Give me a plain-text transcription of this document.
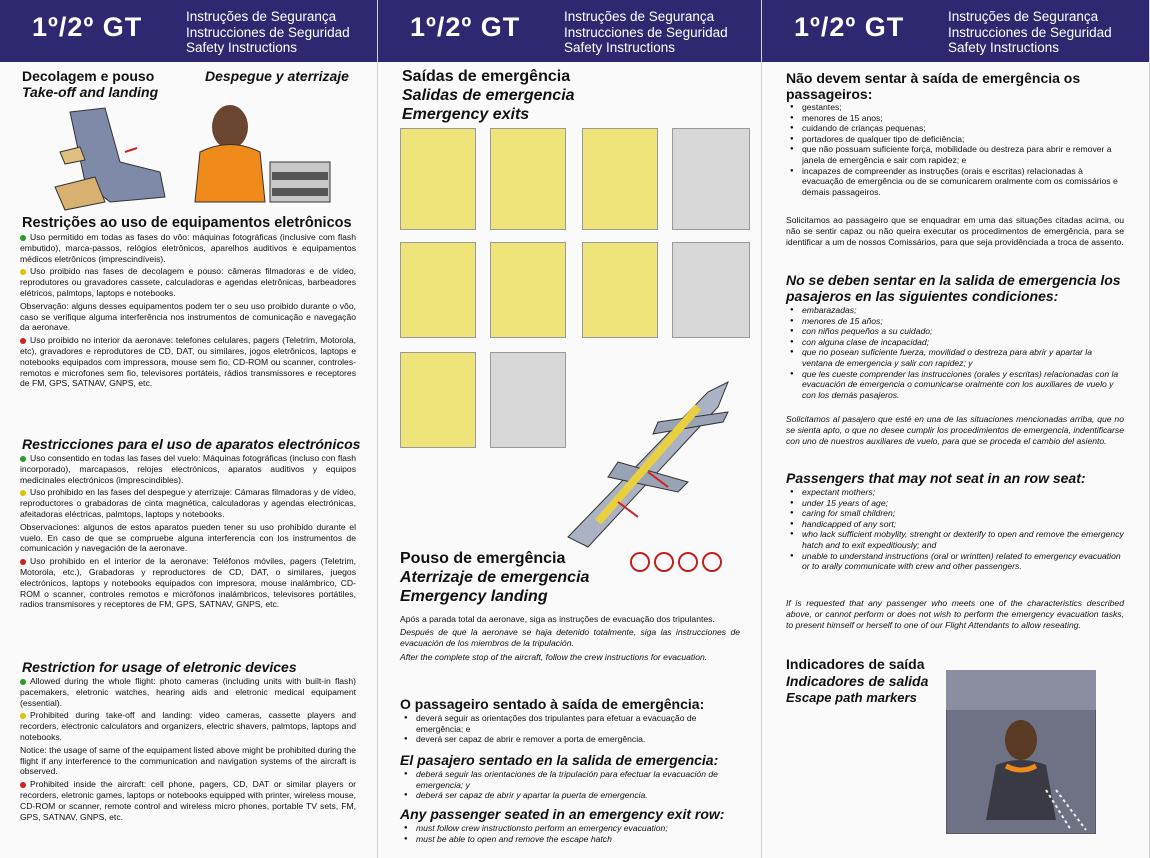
1º/2º GT	Instruções de Segurança
Instrucciones de Seguridad
Safety Instructions
Decolagem e pouso	Despegue y aterrizaje
Take-off and landing
Restrições ao uso de equipamentos eletrônicos

Uso permitido em todas as fases do vôo: máquinas fotográficas (inclusive com flash embutido), marca-passos, relógios eletrônicos, aparelhos auditivos e equipamentos médicos eletrônicos (imprescindíveis).

Uso proibido nas fases de decolagem e pouso: câmeras filmadoras e de vídeo, reprodutores ou gravadores cassete, calculadoras e agendas eletrônicas, barbeadores elétricos, palmtops, laptops e notebooks.

Observação: alguns desses equipamentos podem ter o seu uso proibido durante o vôo, caso se verifique alguma interferência nos instrumentos de comunicação e navegação da aeronave.

Uso proibido no interior da aeronave: telefones celulares, pagers (Teletrim, Motorola, etc), gravadores e reprodutores de CD, DAT, ou similares, jogos eletrônicos, laptops e notebooks equipados com impressora, mouse sem fio, CD-ROM ou scanner, controles-remotos e microfones sem fio, televisores portáteis, rádios transmissores e receptores de FM, GPS, SATNAV, GNPS, etc.

Restricciones para el uso de aparatos electrónicos

Uso consentido en todas las fases del vuelo: Máquinas fotográficas (incluso con flash incorporado), marcapasos, relojes electrónicos, aparatos auditivos y equipos medicinales electrónicos (imprescindibles).

Uso prohibido en las fases del despegue y aterrizaje: Cámaras filmadoras y de vídeo, reproductores o grabadoras de cinta magnética, calculadoras y agendas electrónicas, afeitadoras eléctricas, palmtops, laptops y notebooks.

Observaciones: algunos de estos aparatos pueden tener su uso prohibido durante el vuelo. En caso de que se compruebe alguna interferencia con los instrumentos de comunicación y navegación de la aeronave.

Uso prohibido en el interior de la aeronave: Teléfonos móviles, pagers (Teletrim, Motorola, etc.), Grabadoras y reproductores de CD, DAT, o similares, juegos electrónicos, laptops y notebooks equipados con impresora, mouse inalámbrico, CD-ROM o scanner, controles remotos e micrófonos inalámbricos, televisores portátiles, radios transmisores y receptores de FM, GPS, SATNAV, GNPS, etc.

Restriction for usage of eletronic devices

Allowed during the whole flight: photo cameras (including units with built-in flash) pacemakers, eletronic watches, hearing aids and eletronic medical equipament (essential).

Prohibited during take-off and landing: video cameras, cassette players and recorders, electronic calculators and organizers, electric shavers, palmtops, laptops and notebooks.

Notice: the usage of same of the equipament listed above might be prohibited during the flight if any interference to the communication and navigation systems of the aircraft is observed.

Prohibited inside the aircraft: cell phone, pagers, CD, DAT or similar players or recorders, eletronic games, laptops or notebooks equipped with printer, wireless mouse, CD-ROM or scanner, remote control and wireless micro phones, portable TV sets, FM, GPS, SATNAV, GNPS, etc.

1º/2º GT	Instruções de Segurança
Instrucciones de Seguridad
Safety Instructions
Saídas de emergência
Salidas de emergencia
Emergency exits
Pouso de emergência
Aterrizaje de emergencia
Emergency landing

Após a parada total da aeronave, siga as instruções de evacuação dos tripulantes.

Después de que la aeronave se haja detenido totalmente, siga las instrucciones de evacuación de los miembros de la tripulación.

After the complete stop of the aircraft, follow the crew instructions for evacuation.

O passageiro sentado à saída de emergência:
● deverá seguir as orientações dos tripulantes para efetuar a evacuação de emergência; e
● deverá ser capaz de abrir e remover a porta de emergência.
El pasajero sentado en la salida de emergencia:
● deberá seguir las orientaciones de la tripulación para efectuar la evacuación de emergencia; y
● deberá ser capaz de abrir y apartar la puerta de emergencia.
Any passenger seated in an emergency exit row:
● must follow crew instructionsto perform an emergency evacuation;
● must be able to open and remove the escape hatch
1º/2º GT	Instruções de Segurança
Instrucciones de Seguridad
Safety Instructions
Não devem sentar à saída de emergência os passageiros:
● gestantes;
● menores de 15 anos;
● cuidando de crianças pequenas;
● portadores de qualquer tipo de deficiência;
● que não possuam suficiente força, mobilidade ou destreza para abrir e remover a janela de emergência e sair com rapidez; e
● incapazes de compreender as instruções (orais e escritas) relacionadas à evacuação de emergência ou de se comunicarem oralmente com os comissários e demais passageiros.

Solicitamos ao passageiro que se enquadrar em uma das situações citadas acima, ou não se sentir capaz ou não queira executar os procedimentos de emergência, para se identificar a um de nossos Comissários, para que seja providênciada a troca de assento.

No se deben sentar en la salida de emergencia los pasajeros en las siguientes condiciones:
● embarazadas;
● menores de 15 años;
● con niños pequeños a su cuidado;
● con alguna clase de incapacidad;
● que no posean suficiente fuerza, movilidad o destreza para abrir y apartar la ventana de emergencia y salir con rapidez; y
● que les cueste comprender las instrucciones (orales y escritas) relacionadas con la evacuación de emergencia o comunicarse oralmente con los auxiliares de vuelo y con los demás pasajeros.

Solicitamos al pasajero que esté en una de las situaciones mencionadas arriba, que no se sienta apto, o que no desee cumplir los procedimientos de emergencia, indentificarse con uno de nuestros auxiliares de vuelo, para que se proceda el cambio del asiento.

Passengers that may not seat in an row seat:
● expectant mothers;
● under 15 years of age;
● caring for small children;
● handicapped of any sort;
● who lack sufficient mobylity, strenght or dexterify to open and remove the emergency hatch and to exit expeditiously; and
● unable to understand instructions (oral or wrintten) related to emergency evacuation or to arally communicate with crew and other passengers.

If is requested that any passenger who meets one of the characteristics described above, or cannot perform or does not wish to perform the emergency evacuation tasks, to present himself or herself to one of our Flight Attendants to allow reseating.

Indicadores de saída
Indicadores de salida
Escape path markers
